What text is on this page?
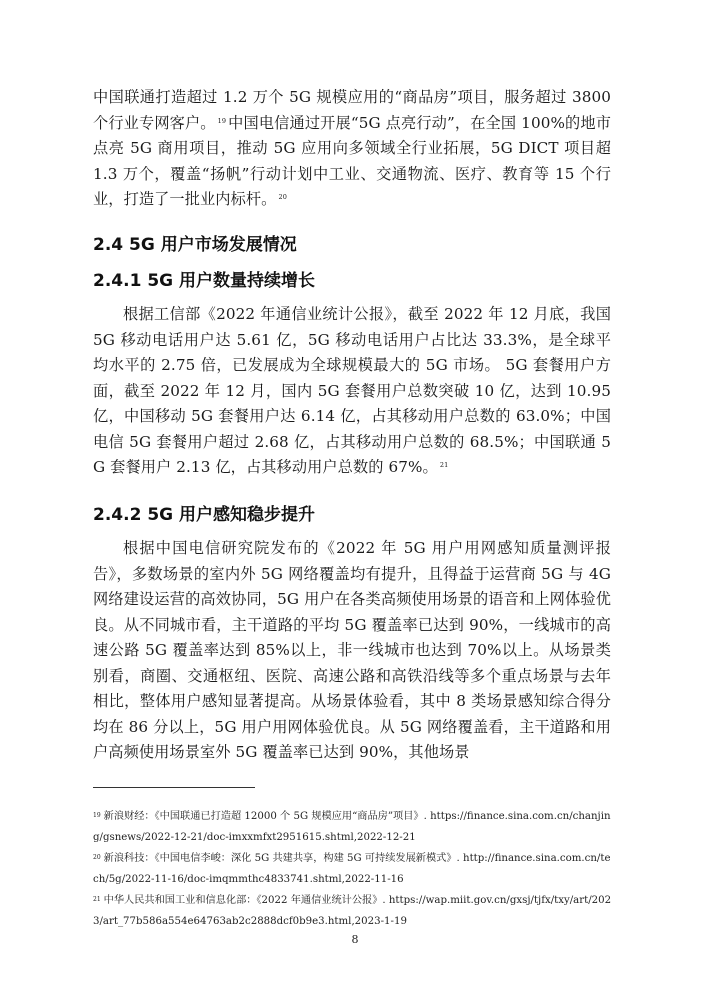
中国联通打造超过 1.2 万个 5G 规模应用的“商品房”项目，服务超过 3800 个行业专网客户。 $^{19}$ 中国电信通过开展“5G 点亮行动”，在全国 100%的地市点亮 5G 商用项目，推动 5G 应用向多领域全行业拓展，5G DICT 项目超 1.3 万个，覆盖“扬帆”行动计划中工业、交通物流、医疗、教育等 15 个行业，打造了一批业内标杆。 $^{20}$

2.4 5G 用户市场发展情况
2.4.1 5G 用户数量持续增长

根据工信部《2022 年通信业统计公报》，截至 2022 年 12 月底，我国 5G 移动电话用户达 5.61 亿，5G 移动电话用户占比达 33.3%，是全球平均水平的 2.75 倍，已发展成为全球规模最大的 5G 市场。 5G 套餐用户方面，截至 2022 年 12 月，国内 5G 套餐用户总数突破 10 亿，达到 10.95 亿，中国移动 5G 套餐用户达 6.14 亿，占其移动用户总数的 63.0%；中国电信 5G 套餐用户超过 2.68 亿，占其移动用户总数的 68.5%；中国联通 5G 套餐用户 2.13 亿，占其移动用户总数的 67%。 $^{21}$

2.4.2 5G 用户感知稳步提升

根据中国电信研究院发布的《2022 年 5G 用户用网感知质量测评报告》，多数场景的室内外 5G 网络覆盖均有提升，且得益于运营商 5G 与 4G 网络建设运营的高效协同，5G 用户在各类高频使用场景的语音和上网体验优良。从不同城市看，主干道路的平均 5G 覆盖率已达到 90%，一线城市的高速公路 5G 覆盖率达到 85%以上，非一线城市也达到 70%以上。从场景类别看，商圈、交通枢纽、医院、高速公路和高铁沿线等多个重点场景与去年相比，整体用户感知显著提高。从场景体验看，其中 8 类场景感知综合得分均在 86 分以上，5G 用户用网体验优良。从 5G 网络覆盖看，主干道路和用户高频使用场景室外 5G 覆盖率已达到 90%，其他场景

$^{19}$ 新浪财经：《中国联通已打造超 12000 个 5G 规模应用“商品房”项目》. https://finance.sina.com.cn/chanjing/gsnews/2022-12-21/doc-imxxmfxt2951615.shtml,2022-12-21
$^{20}$ 新浪科技：《中国电信李峻：深化 5G 共建共享，构建 5G 可持续发展新模式》. http://finance.sina.com.cn/tech/5g/2022-11-16/doc-imqmmthc4833741.shtml,2022-11-16
$^{21}$ 中华人民共和国工业和信息化部：《2022 年通信业统计公报》. https://wap.miit.gov.cn/gxsj/tjfx/txy/art/2023/art_77b586a554e64763ab2c2888dcf0b9e3.html,2023-1-19
8
